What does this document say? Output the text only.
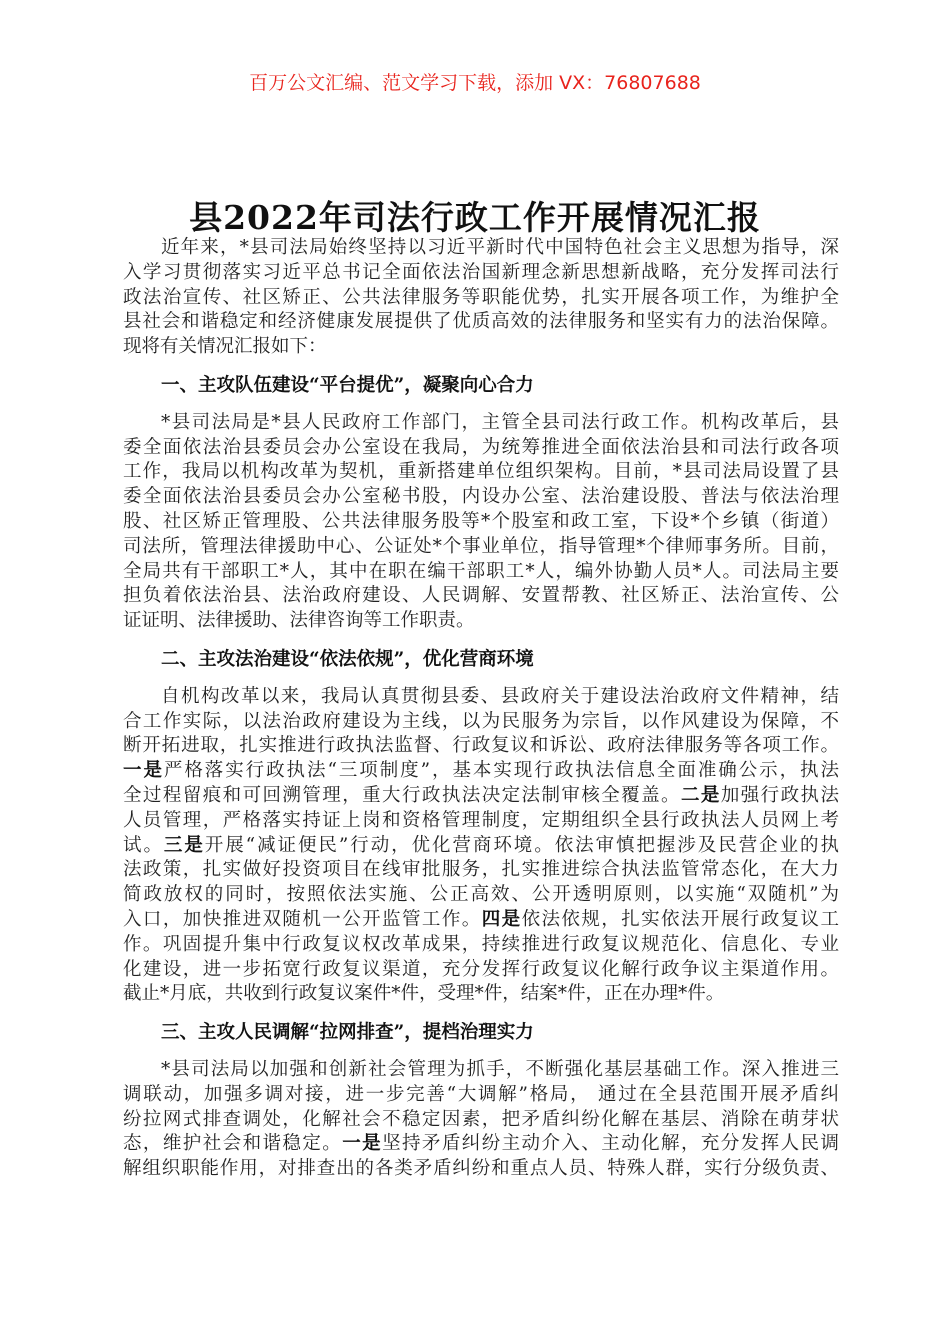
百万公文汇编、范文学习下载，添加 VX：76807688
县2022年司法行政工作开展情况汇报
近年来，*县司法局始终坚持以习近平新时代中国特色社会主义思想为指导，深
入学习贯彻落实习近平总书记全面依法治国新理念新思想新战略，充分发挥司法行
政法治宣传、社区矫正、公共法律服务等职能优势，扎实开展各项工作，为维护全
县社会和谐稳定和经济健康发展提供了优质高效的法律服务和坚实有力的法治保障。
现将有关情况汇报如下：
一、主攻队伍建设“平台提优”，凝聚向心合力
*县司法局是*县人民政府工作部门，主管全县司法行政工作。机构改革后，县
委全面依法治县委员会办公室设在我局，为统筹推进全面依法治县和司法行政各项
工作，我局以机构改革为契机，重新搭建单位组织架构。目前，*县司法局设置了县
委全面依法治县委员会办公室秘书股，内设办公室、法治建设股、普法与依法治理
股、社区矫正管理股、公共法律服务股等*个股室和政工室，下设*个乡镇（街道）
司法所，管理法律援助中心、公证处*个事业单位，指导管理*个律师事务所。目前，
全局共有干部职工*人，其中在职在编干部职工*人，编外协勤人员*人。司法局主要
担负着依法治县、法治政府建设、人民调解、安置帮教、社区矫正、法治宣传、公
证证明、法律援助、法律咨询等工作职责。
二、主攻法治建设“依法依规”，优化营商环境
自机构改革以来，我局认真贯彻县委、县政府关于建设法治政府文件精神，结
合工作实际，以法治政府建设为主线，以为民服务为宗旨，以作风建设为保障，不
断开拓进取，扎实推进行政执法监督、行政复议和诉讼、政府法律服务等各项工作。
一是严格落实行政执法“三项制度”，基本实现行政执法信息全面准确公示，执法
全过程留痕和可回溯管理，重大行政执法决定法制审核全覆盖。二是加强行政执法
人员管理，严格落实持证上岗和资格管理制度，定期组织全县行政执法人员网上考
试。三是开展“减证便民”行动，优化营商环境。依法审慎把握涉及民营企业的执
法政策，扎实做好投资项目在线审批服务，扎实推进综合执法监管常态化，在大力
简政放权的同时，按照依法实施、公正高效、公开透明原则，以实施“双随机”为
入口，加快推进双随机一公开监管工作。四是依法依规，扎实依法开展行政复议工
作。巩固提升集中行政复议权改革成果，持续推进行政复议规范化、信息化、专业
化建设，进一步拓宽行政复议渠道，充分发挥行政复议化解行政争议主渠道作用。
截止*月底，共收到行政复议案件*件，受理*件，结案*件，正在办理*件。
三、主攻人民调解“拉网排查”，提档治理实力
*县司法局以加强和创新社会管理为抓手，不断强化基层基础工作。深入推进三
调联动，加强多调对接，进一步完善“大调解”格局， 通过在全县范围开展矛盾纠
纷拉网式排查调处，化解社会不稳定因素，把矛盾纠纷化解在基层、消除在萌芽状
态，维护社会和谐稳定。一是坚持矛盾纠纷主动介入、主动化解，充分发挥人民调
解组织职能作用，对排查出的各类矛盾纠纷和重点人员、特殊人群，实行分级负责、
